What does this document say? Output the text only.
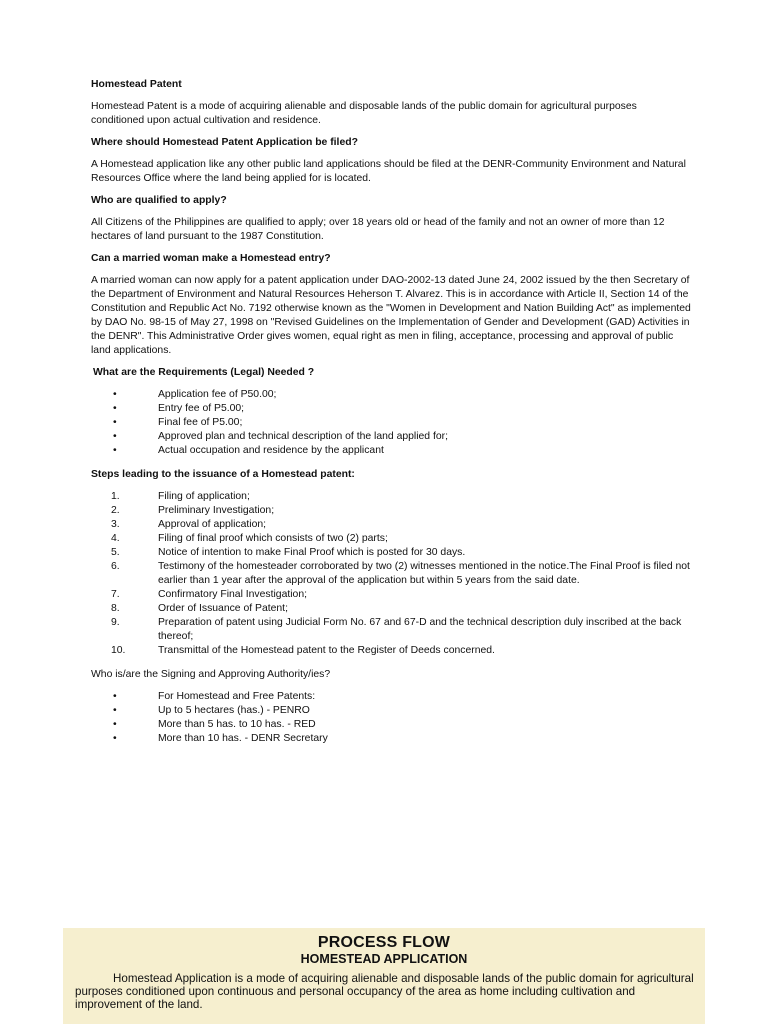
Homestead Patent
Homestead Patent is a mode of acquiring alienable and disposable lands of the public domain for agricultural purposes conditioned upon actual cultivation and residence.
Where should Homestead Patent Application be filed?
A Homestead application like any other public land applications should be filed at the DENR-Community Environment and Natural Resources Office where the land being applied for is located.
Who are qualified to apply?
All Citizens of the Philippines are qualified to apply; over 18 years old or head of the family and not an owner of more than 12 hectares of land pursuant to the 1987 Constitution.
Can a married woman make a Homestead entry?
A married woman can now apply for a patent application under DAO-2002-13 dated June 24, 2002 issued by the then Secretary of the Department of Environment and Natural Resources Heherson T. Alvarez. This is in accordance with Article II, Section 14 of the Constitution and Republic Act No. 7192 otherwise known as the "Women in Development and Nation Building Act" as implemented by DAO No. 98-15 of May 27, 1998 on "Revised Guidelines on the Implementation of Gender and Development (GAD) Activities in the DENR". This Administrative Order gives women, equal right as men in filing, acceptance, processing and approval of public land applications.
What are the Requirements (Legal) Needed ?
•	Application fee of P50.00;
•	Entry fee of P5.00;
•	Final fee of P5.00;
•	Approved plan and technical description of the land applied for;
•	Actual occupation and residence by the applicant
Steps leading to the issuance of a Homestead patent:
1.	Filing of application;
2.	Preliminary Investigation;
3.	Approval of application;
4.	Filing of final proof which consists of two (2) parts;
5.	Notice of intention to make Final Proof which is posted for 30 days.
6.	Testimony of the homesteader corroborated by two (2) witnesses mentioned in the notice.The Final Proof is filed not earlier than 1 year after the approval of the application but within 5 years from the said date.
7.	Confirmatory Final Investigation;
8.	Order of Issuance of Patent;
9.	Preparation of patent using Judicial Form No. 67 and 67-D and the technical description duly inscribed at the back thereof;
10.	Transmittal of the Homestead patent to the Register of Deeds concerned.
Who is/are the Signing and Approving Authority/ies?
•	For Homestead and Free Patents:
•	Up to 5 hectares (has.) - PENRO
•	More than 5 has. to 10 has. - RED
•	More than 10 has. - DENR Secretary
PROCESS FLOW
HOMESTEAD APPLICATION
Homestead Application is a mode of acquiring alienable and disposable lands of the public domain for agricultural purposes conditioned upon continuous and personal occupancy of the area as home including cultivation and improvement of the land.
